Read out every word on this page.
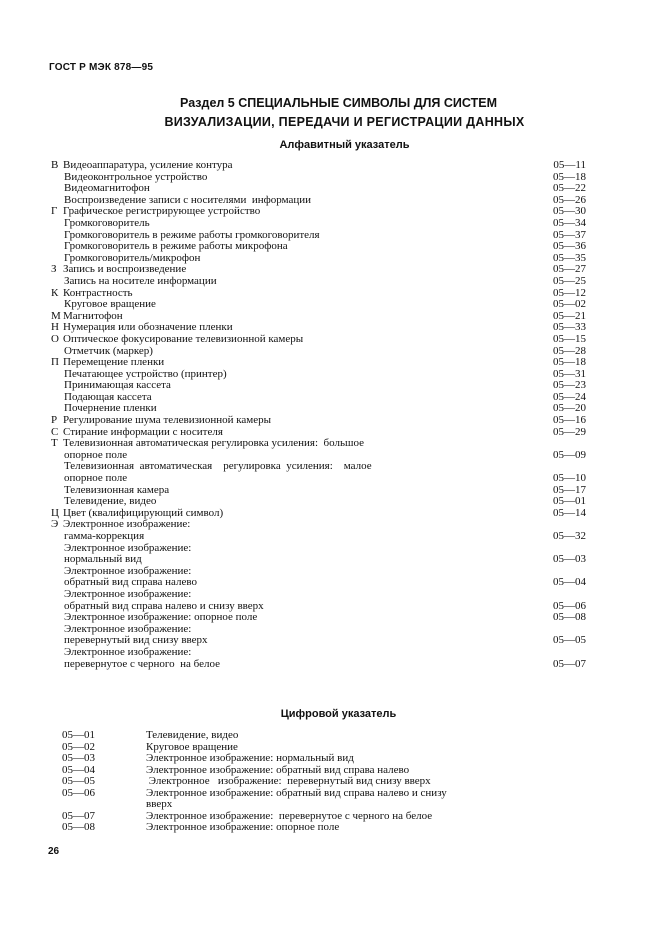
ГОСТ Р МЭК 878—95
Раздел 5 СПЕЦИАЛЬНЫЕ СИМВОЛЫ ДЛЯ СИСТЕМ
ВИЗУАЛИЗАЦИИ, ПЕРЕДАЧИ И РЕГИСТРАЦИИ ДАННЫХ
Алфавитный указатель
В Видеоаппаратура, усиление контура	05—11
Видеоконтрольное устройство	05—18
Видеомагнитофон	05—22
Воспроизведение записи с носителями  информации	05—26
Г Графическое регистрирующее устройство	05—30
Громкоговоритель	05—34
Громкоговоритель в режиме работы громкоговорителя	05—37
Громкоговоритель в режиме работы микрофона	05—36
Громкоговоритель/микрофон	05—35
З Запись и воспроизведение	05—27
Запись на носителе информации	05—25
К Контрастность	05—12
Круговое вращение	05—02
М Магнитофон	05—21
Н Нумерация или обозначение пленки	05—33
О Оптическое фокусирование телевизионной камеры	05—15
Отметчик (маркер)	05—28
П Перемещение пленки	05—18
Печатающее устройство (принтер)	05—31
Принимающая кассета	05—23
Подающая кассета	05—24
Почернение пленки	05—20
Р Регулирование шума телевизионной камеры	05—16
С Стирание информации с носителя	05—29
Т Телевизионная автоматическая регулировка усиления:  большое
опорное поле	05—09
Телевизионная  автоматическая    регулировка  усиления:    малое
опорное поле	05—10
Телевизионная камера	05—17
Телевидение, видео	05—01
Ц Цвет (квалифицирующий символ)	05—14
Э Электронное изображение:
гамма-коррекция	05—32
Электронное изображение:
нормальный вид	05—03
Электронное изображение:
обратный вид справа налево	05—04
Электронное изображение:
обратный вид справа налево и снизу вверх	05—06
Электронное изображение: опорное поле	05—08
Электронное изображение:
перевернутый вид снизу вверх	05—05
Электронное изображение:
перевернутое с черного  на белое	05—07
Цифровой указатель
05—01	Телевидение, видео
05—02	Круговое вращение
05—03	Электронное изображение: нормальный вид
05—04	Электронное изображение: обратный вид справа налево
05—05	Электронное   изображение:  перевернутый вид снизу вверх
05—06	Электронное изображение: обратный вид справа налево и снизу
вверх
05—07	Электронное изображение:  перевернутое с черного на белое
05—08	Электронное изображение: опорное поле
26
